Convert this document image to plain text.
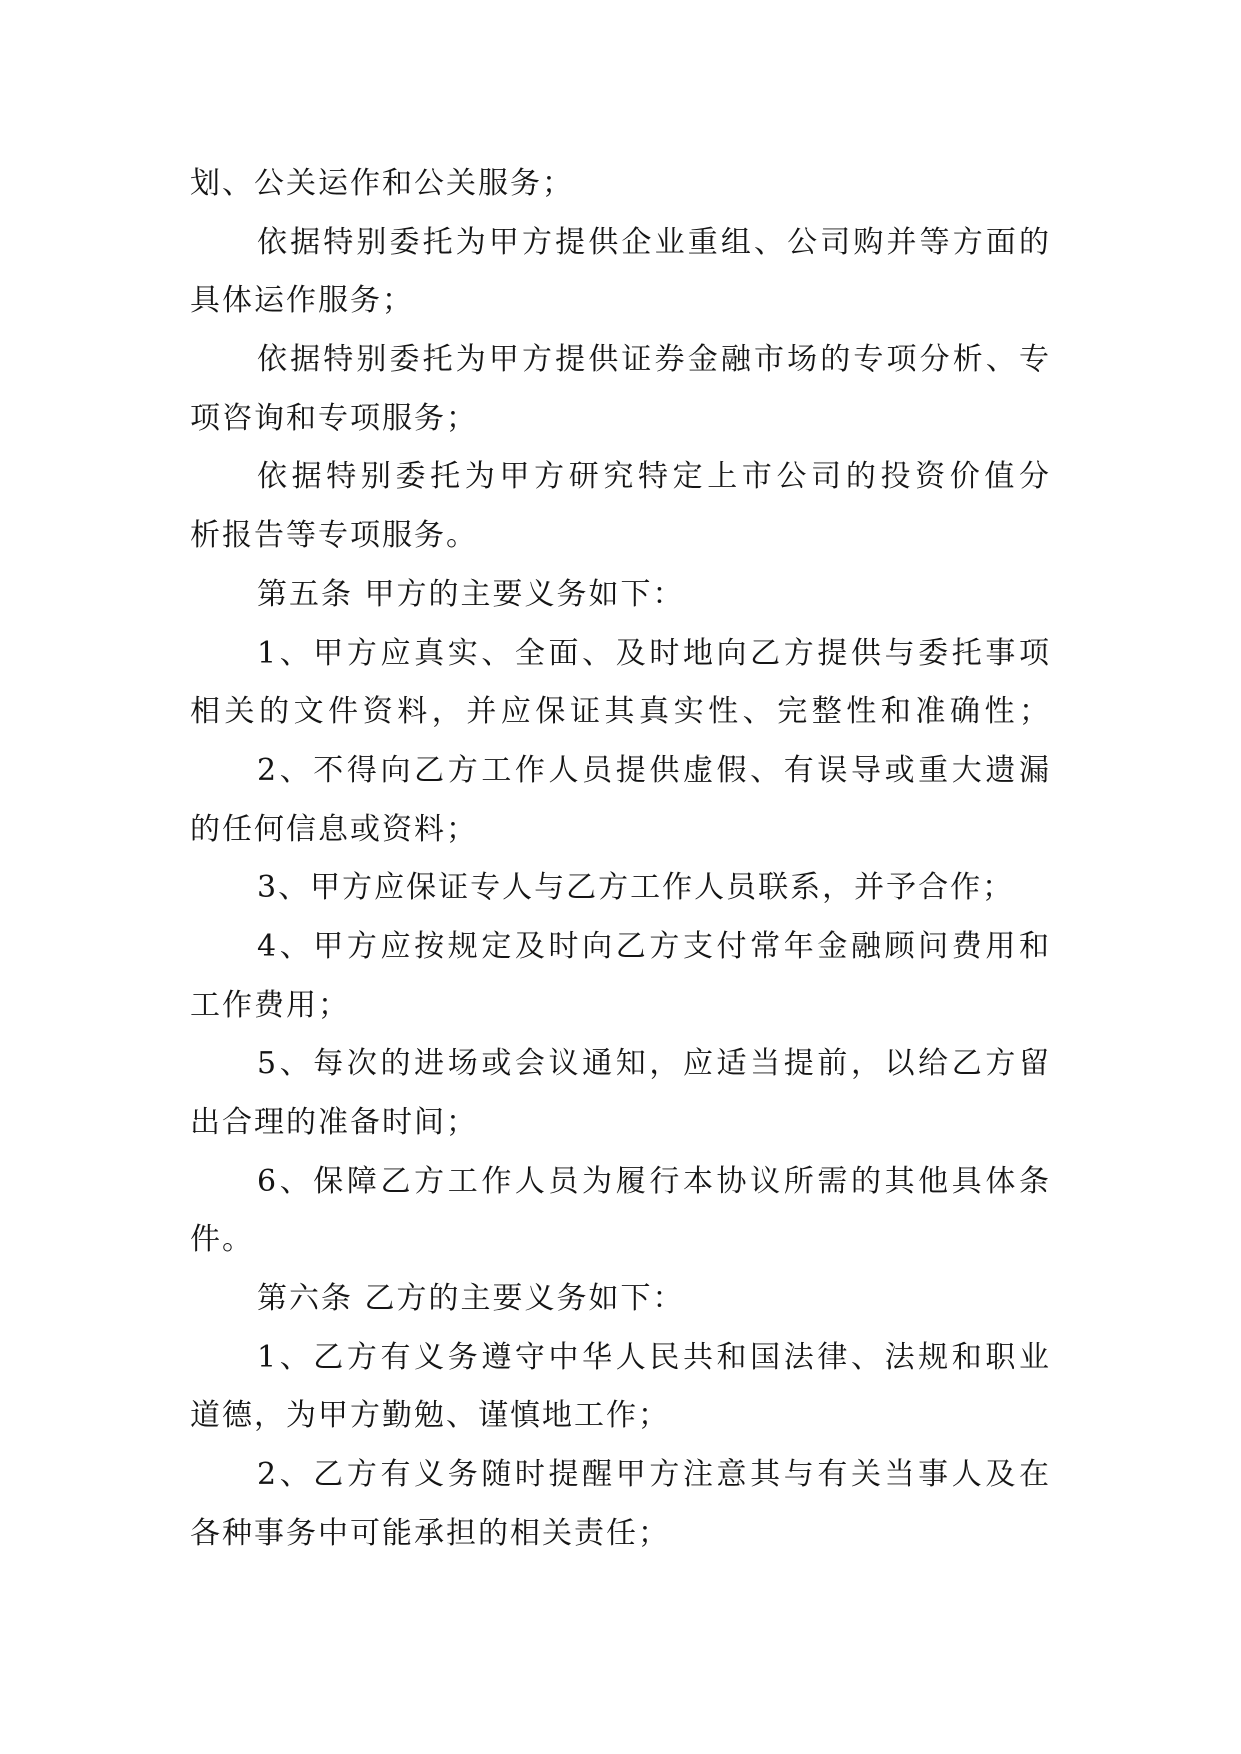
划、公关运作和公关服务；
依据特别委托为甲方提供企业重组、公司购并等方面的
具体运作服务；
依据特别委托为甲方提供证券金融市场的专项分析、专
项咨询和专项服务；
依据特别委托为甲方研究特定上市公司的投资价值分
析报告等专项服务。
第五条 甲方的主要义务如下：
1、甲方应真实、全面、及时地向乙方提供与委托事项
相关的文件资料，并应保证其真实性、完整性和准确性；
2、不得向乙方工作人员提供虚假、有误导或重大遗漏
的任何信息或资料；
3、甲方应保证专人与乙方工作人员联系，并予合作；
4、甲方应按规定及时向乙方支付常年金融顾问费用和
工作费用；
5、每次的进场或会议通知，应适当提前，以给乙方留
出合理的准备时间；
6、保障乙方工作人员为履行本协议所需的其他具体条
件。
第六条 乙方的主要义务如下：
1、乙方有义务遵守中华人民共和国法律、法规和职业
道德，为甲方勤勉、谨慎地工作；
2、乙方有义务随时提醒甲方注意其与有关当事人及在
各种事务中可能承担的相关责任；
